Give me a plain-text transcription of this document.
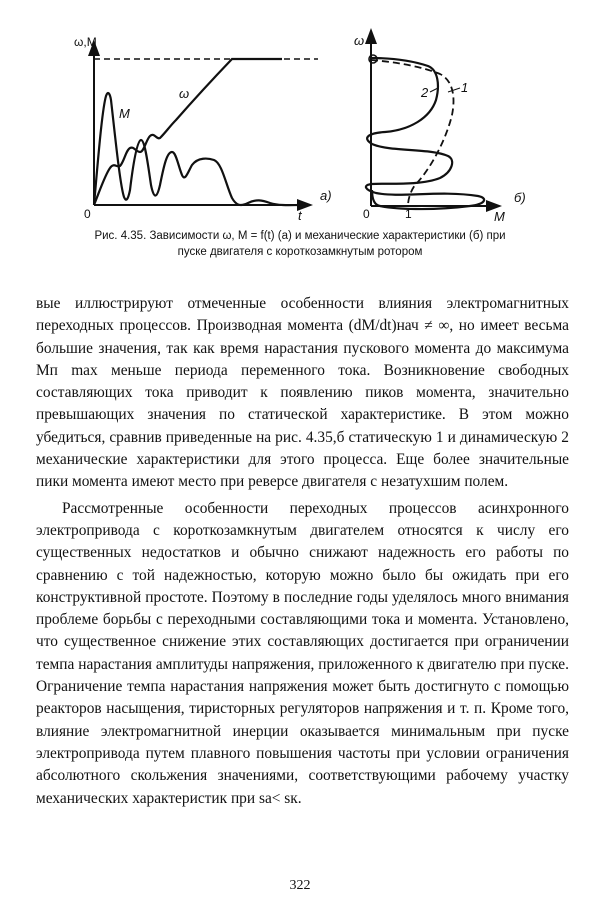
ω,M
t
0
M
ω
а)
ω
M
0	1
1
2
б)
Рис. 4.35. Зависимости ω, M = f(t) (а) и механические характеристики (б) при
пуске двигателя с короткозамкнутым ротором

вые иллюстрируют отмеченные особенности влияния электромагнитных переходных процессов. Производная момента (dM/dt)нач ≠ ∞, но имеет весьма большие значения, так как время нарастания пускового момента до максимума Mп max меньше периода переменного тока. Возникновение свободных составляющих тока приводит к появлению пиков момента, значительно превышающих значения по статической характеристике. В этом можно убедиться, сравнив приведенные на рис. 4.35,б статическую 1 и динамическую 2 механические характеристики для этого процесса. Еще более значительные пики момента имеют место при реверсе двигателя с незатухшим полем.

Рассмотренные особенности переходных процессов асинхронного электропривода с короткозамкнутым двигателем относятся к числу его существенных недостатков и обычно снижают надежность его работы по сравнению с той надежностью, которую можно было бы ожидать при его конструктивной простоте. Поэтому в последние годы уделялось много внимания проблеме борьбы с переходными составляющими тока и момента. Установлено, что существенное снижение этих составляющих достигается при ограничении темпа нарастания амплитуды напряжения, приложенного к двигателю при пуске. Ограничение темпа нарастания напряжения может быть достигнуто с помощью реакторов насыщения, тиристорных регуляторов напряжения и т. п. Кроме того, влияние электромагнитной инерции оказывается минимальным при пуске электропривода путем плавного повышения частоты при условии ограничения абсолютного скольжения значениями, соответствующими рабочему участку механических характеристик при sа< sк.

322
